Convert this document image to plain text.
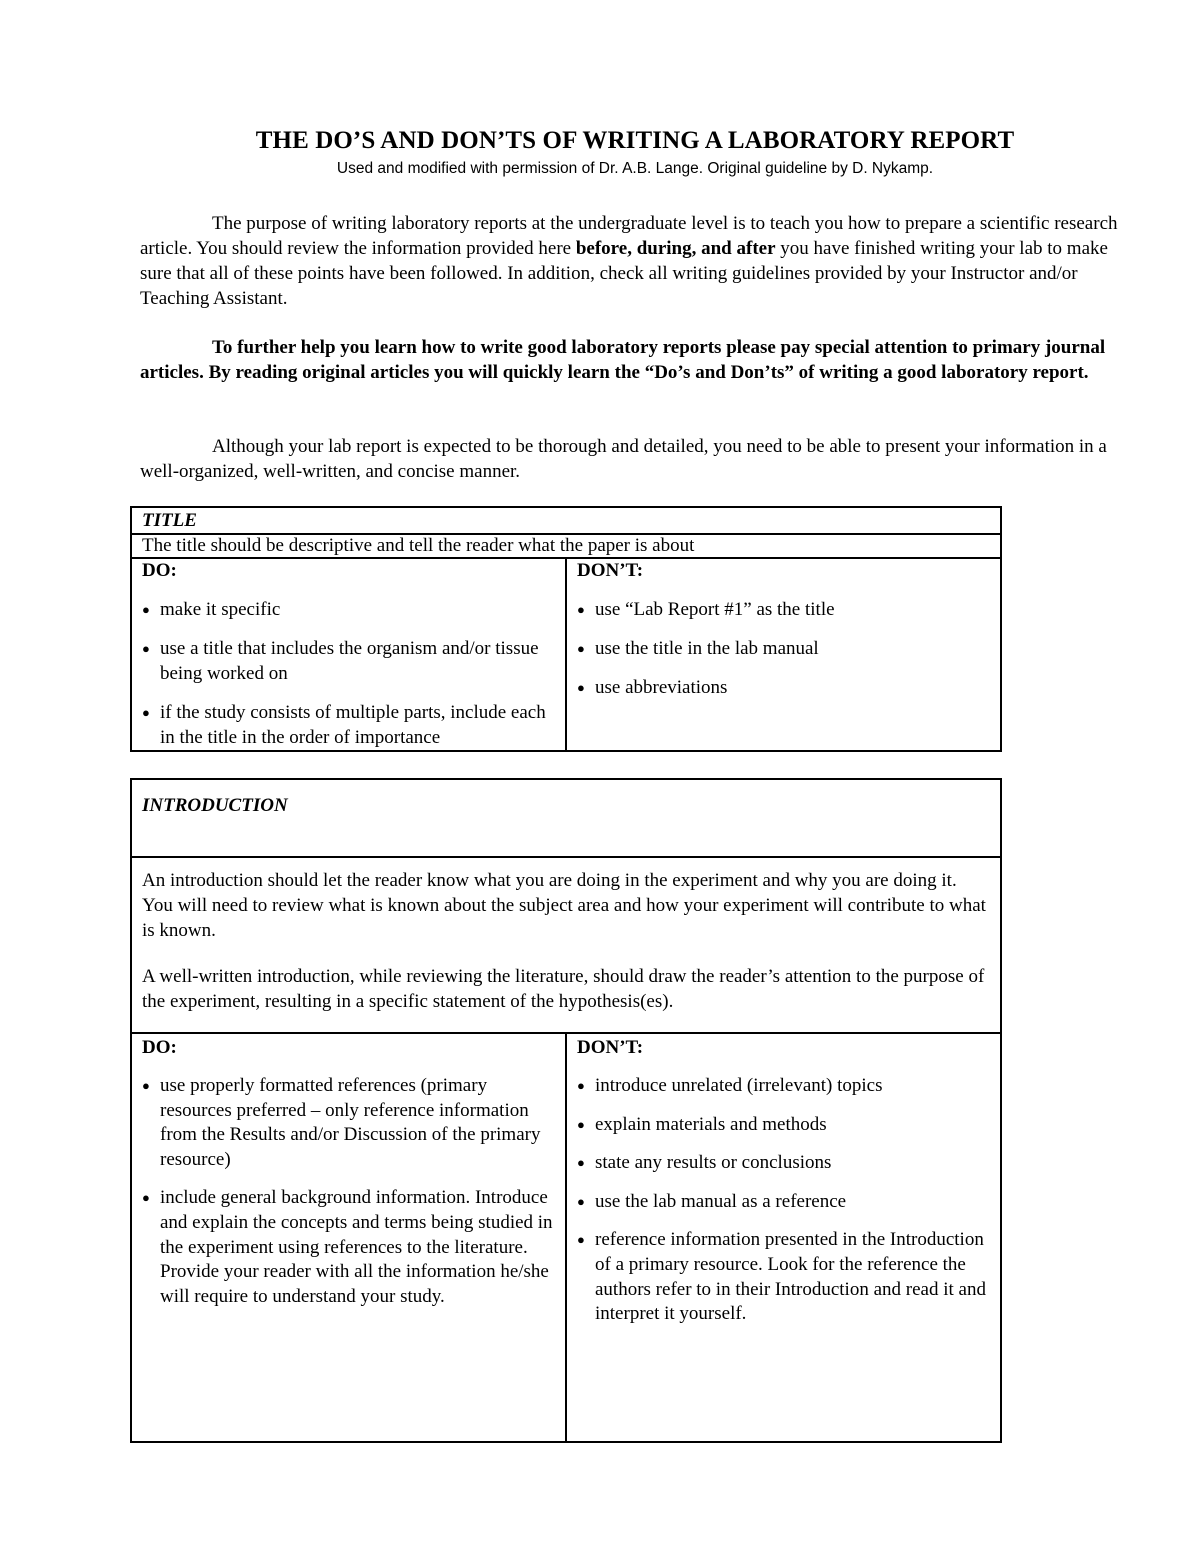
THE DO’S AND DON’TS OF WRITING A LABORATORY REPORT
Used and modified with permission of Dr. A.B. Lange. Original guideline by D. Nykamp.

The purpose of writing laboratory reports at the undergraduate level is to teach you how to prepare a scientific research article. You should review the information provided here before, during, and after you have finished writing your lab to make sure that all of these points have been followed. In addition, check all writing guidelines provided by your Instructor and/or Teaching Assistant.

To further help you learn how to write good laboratory reports please pay special attention to primary journal articles. By reading original articles you will quickly learn the “Do’s and Don’ts” of writing a good laboratory report.

Although your lab report is expected to be thorough and detailed, you need to be able to present your information in a well-organized, well-written, and concise manner.

TITLE
The title should be descriptive and tell the reader what the paper is about

DO:
● make it specific
● use a title that includes the organism and/or tissue being worked on
● if the study consists of multiple parts, include each in the title in the order of importance

DON’T:
● use “Lab Report #1” as the title
● use the title in the lab manual
● use abbreviations
INTRODUCTION

An introduction should let the reader know what you are doing in the experiment and why you are doing it. You will need to review what is known about the subject area and how your experiment will contribute to what is known.

A well-written introduction, while reviewing the literature, should draw the reader’s attention to the purpose of the experiment, resulting in a specific statement of the hypothesis(es).

DO:
● use properly formatted references (primary resources preferred – only reference information from the Results and/or Discussion of the primary resource)
● include general background information. Introduce and explain the concepts and terms being studied in the experiment using references to the literature. Provide your reader with all the information he/she will require to understand your study.

DON’T:
● introduce unrelated (irrelevant) topics
● explain materials and methods
● state any results or conclusions
● use the lab manual as a reference
● reference information presented in the Introduction of a primary resource. Look for the reference the authors refer to in their Introduction and read it and interpret it yourself.
